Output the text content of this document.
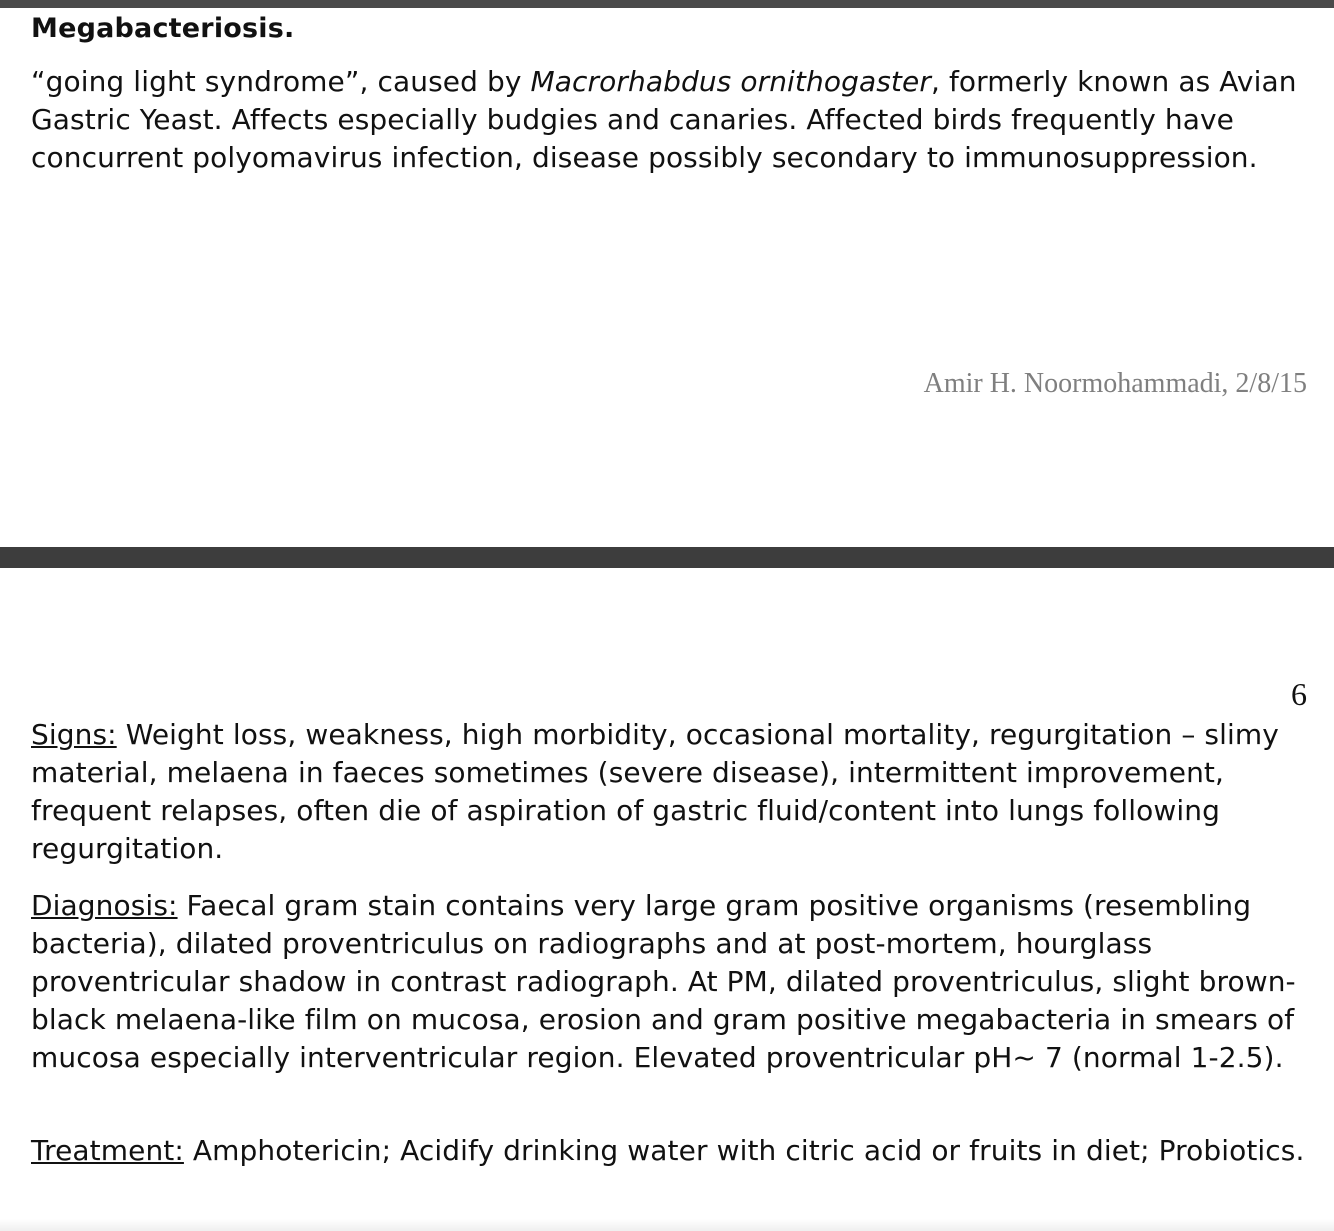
Megabacteriosis.

“going light syndrome”, caused by Macrorhabdus ornithogaster, formerly known as Avian Gastric Yeast. Affects especially budgies and canaries. Affected birds frequently have concurrent polyomavirus infection, disease possibly secondary to immunosuppression.

Amir H. Noormohammadi, 2/8/15

6

Signs: Weight loss, weakness, high morbidity, occasional mortality, regurgitation – slimy material, melaena in faeces sometimes (severe disease), intermittent improvement, frequent relapses, often die of aspiration of gastric fluid/content into lungs following regurgitation.

Diagnosis: Faecal gram stain contains very large gram positive organisms (resembling bacteria), dilated proventriculus on radiographs and at post-mortem, hourglass proventricular shadow in contrast radiograph. At PM, dilated proventriculus, slight brown-black melaena-like film on mucosa, erosion and gram positive megabacteria in smears of mucosa especially interventricular region. Elevated proventricular pH~ 7 (normal 1-2.5).

Treatment: Amphotericin; Acidify drinking water with citric acid or fruits in diet; Probiotics.
